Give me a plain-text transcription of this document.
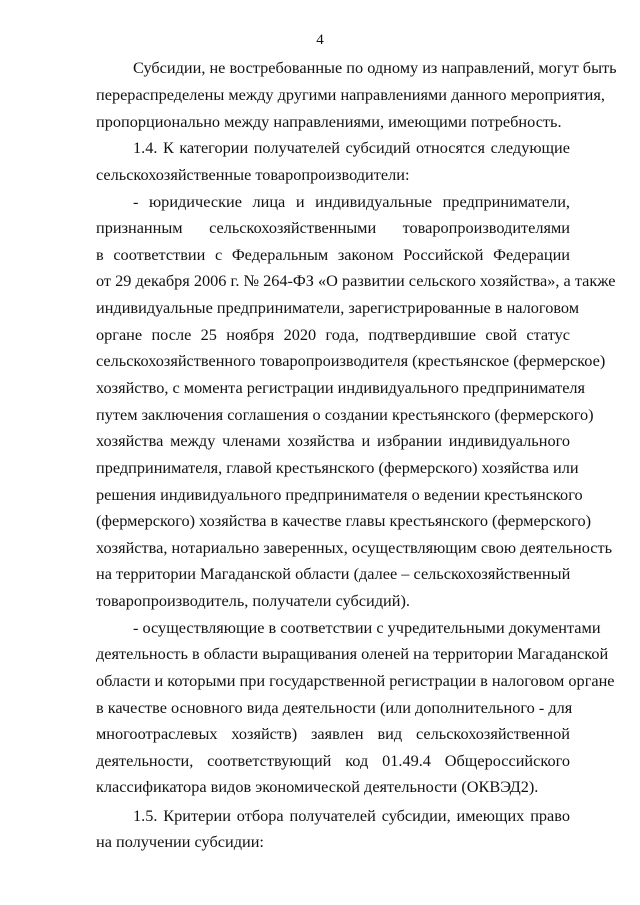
4
Субсидии, не востребованные по одному из направлений, могут быть
перераспределены между другими направлениями данного мероприятия,
пропорционально между направлениями, имеющими потребность.
1.4. К категории получателей субсидий относятся следующие
сельскохозяйственные товаропроизводители:
- юридические лица и индивидуальные предприниматели,
признанным сельскохозяйственными товаропроизводителями
в соответствии с Федеральным законом Российской Федерации
от 29 декабря 2006 г. № 264-ФЗ «О развитии сельского хозяйства», а также
индивидуальные предприниматели, зарегистрированные в налоговом
органе после 25 ноября 2020 года, подтвердившие свой статус
сельскохозяйственного товаропроизводителя (крестьянское (фермерское)
хозяйство, с момента регистрации индивидуального предпринимателя
путем заключения соглашения о создании крестьянского (фермерского)
хозяйства между членами хозяйства и избрании индивидуального
предпринимателя, главой крестьянского (фермерского) хозяйства или
решения индивидуального предпринимателя о ведении крестьянского
(фермерского) хозяйства в качестве главы крестьянского (фермерского)
хозяйства, нотариально заверенных, осуществляющим свою деятельность
на территории Магаданской области (далее – сельскохозяйственный
товаропроизводитель, получатели субсидий).
- осуществляющие в соответствии с учредительными документами
деятельность в области выращивания оленей на территории Магаданской
области и которыми при государственной регистрации в налоговом органе
в качестве основного вида деятельности (или дополнительного - для
многоотраслевых хозяйств) заявлен вид сельскохозяйственной
деятельности, соответствующий код 01.49.4 Общероссийского
классификатора видов экономической деятельности (ОКВЭД2).
1.5. Критерии отбора получателей субсидии, имеющих право
на получении субсидии:
